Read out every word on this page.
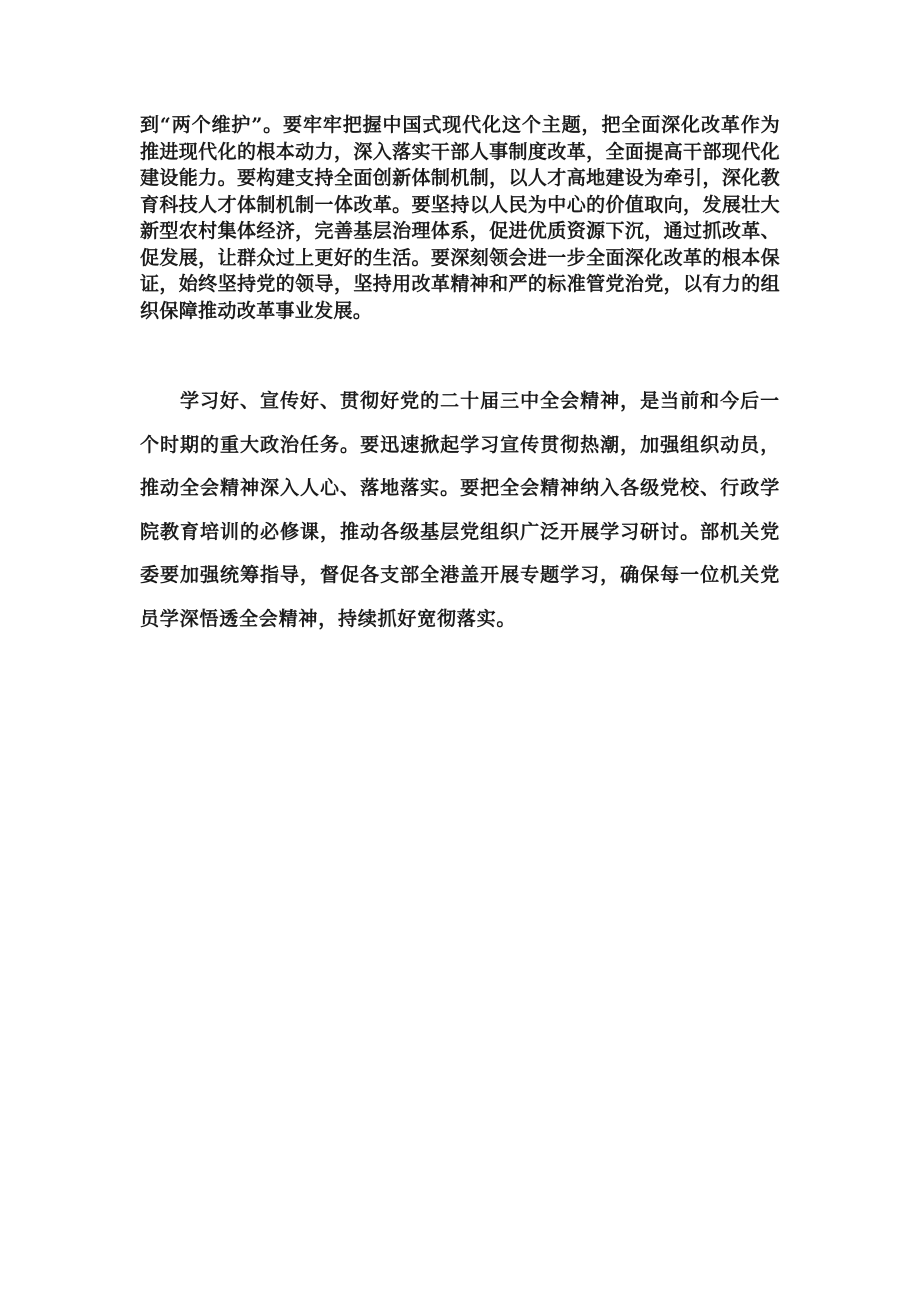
到“两个维护”。要牢牢把握中国式现代化这个主题，把全面深化改革作为推进现代化的根本动力，深入落实干部人事制度改革，全面提高干部现代化建设能力。要构建支持全面创新体制机制，以人才高地建设为牵引，深化教育科技人才体制机制一体改革。要坚持以人民为中心的价值取向，发展壮大新型农村集体经济，完善基层治理体系，促进优质资源下沉，通过抓改革、促发展，让群众过上更好的生活。要深刻领会进一步全面深化改革的根本保证，始终坚持党的领导，坚持用改革精神和严的标准管党治党，以有力的组织保障推动改革事业发展。

学习好、宣传好、贯彻好党的二十届三中全会精神，是当前和今后一个时期的重大政治任务。要迅速掀起学习宣传贯彻热潮，加强组织动员，推动全会精神深入人心、落地落实。要把全会精神纳入各级党校、行政学院教育培训的必修课，推动各级基层党组织广泛开展学习研讨。部机关党委要加强统筹指导，督促各支部全港盖开展专题学习，确保每一位机关党员学深悟透全会精神，持续抓好宽彻落实。
